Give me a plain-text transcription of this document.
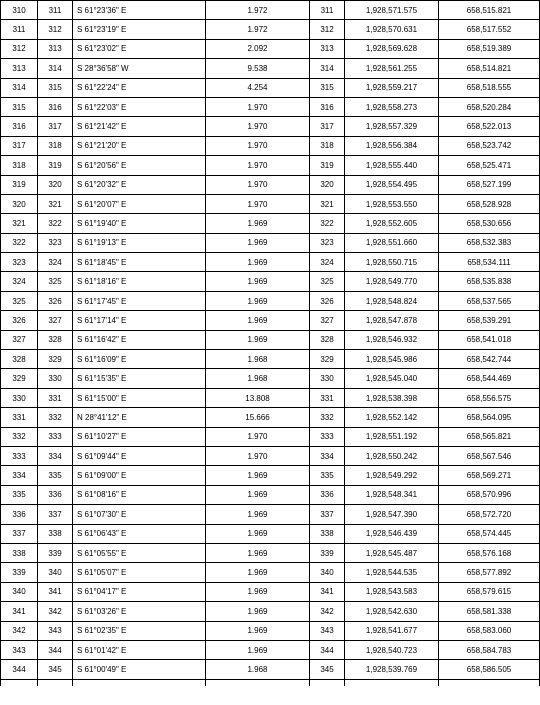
310	311	S 61°23'36" E	1.972	311	1,928,571.575	658,515.821
311	312	S 61°23'19" E	1.972	312	1,928,570.631	658,517.552
312	313	S 61°23'02" E	2.092	313	1,928,569.628	658,519.389
313	314	S 28°36'58" W	9.538	314	1,928,561.255	658,514.821
314	315	S 61°22'24" E	4.254	315	1,928,559.217	658,518.555
315	316	S 61°22'03" E	1.970	316	1,928,558.273	658,520.284
316	317	S 61°21'42" E	1.970	317	1,928,557.329	658,522.013
317	318	S 61°21'20" E	1.970	318	1,928,556.384	658,523.742
318	319	S 61°20'56" E	1.970	319	1,928,555.440	658,525.471
319	320	S 61°20'32" E	1.970	320	1,928,554.495	658,527.199
320	321	S 61°20'07" E	1.970	321	1,928,553.550	658,528.928
321	322	S 61°19'40" E	1.969	322	1,928,552.605	658,530.656
322	323	S 61°19'13" E	1.969	323	1,928,551.660	658,532.383
323	324	S 61°18'45" E	1.969	324	1,928,550.715	658,534.111
324	325	S 61°18'16" E	1.969	325	1,928,549.770	658,535.838
325	326	S 61°17'45" E	1.969	326	1,928,548.824	658,537.565
326	327	S 61°17'14" E	1.969	327	1,928,547.878	658,539.291
327	328	S 61°16'42" E	1.969	328	1,928,546.932	658,541.018
328	329	S 61°16'09" E	1.968	329	1,928,545.986	658,542.744
329	330	S 61°15'35" E	1.968	330	1,928,545.040	658,544.469
330	331	S 61°15'00" E	13.808	331	1,928,538.398	658,556.575
331	332	N 28°41'12" E	15.666	332	1,928,552.142	658,564.095
332	333	S 61°10'27" E	1.970	333	1,928,551.192	658,565.821
333	334	S 61°09'44" E	1.970	334	1,928,550.242	658,567.546
334	335	S 61°09'00" E	1.969	335	1,928,549.292	658,569.271
335	336	S 61°08'16" E	1.969	336	1,928,548.341	658,570.996
336	337	S 61°07'30" E	1.969	337	1,928,547.390	658,572.720
337	338	S 61°06'43" E	1.969	338	1,928,546.439	658,574.445
338	339	S 61°05'55" E	1.969	339	1,928,545.487	658,576.168
339	340	S 61°05'07" E	1.969	340	1,928,544.535	658,577.892
340	341	S 61°04'17" E	1.969	341	1,928,543.583	658,579.615
341	342	S 61°03'26" E	1.969	342	1,928,542.630	658,581.338
342	343	S 61°02'35" E	1.969	343	1,928,541.677	658,583.060
343	344	S 61°01'42" E	1.969	344	1,928,540.723	658,584.783
344	345	S 61°00'49" E	1.968	345	1,928,539.769	658,586.505
